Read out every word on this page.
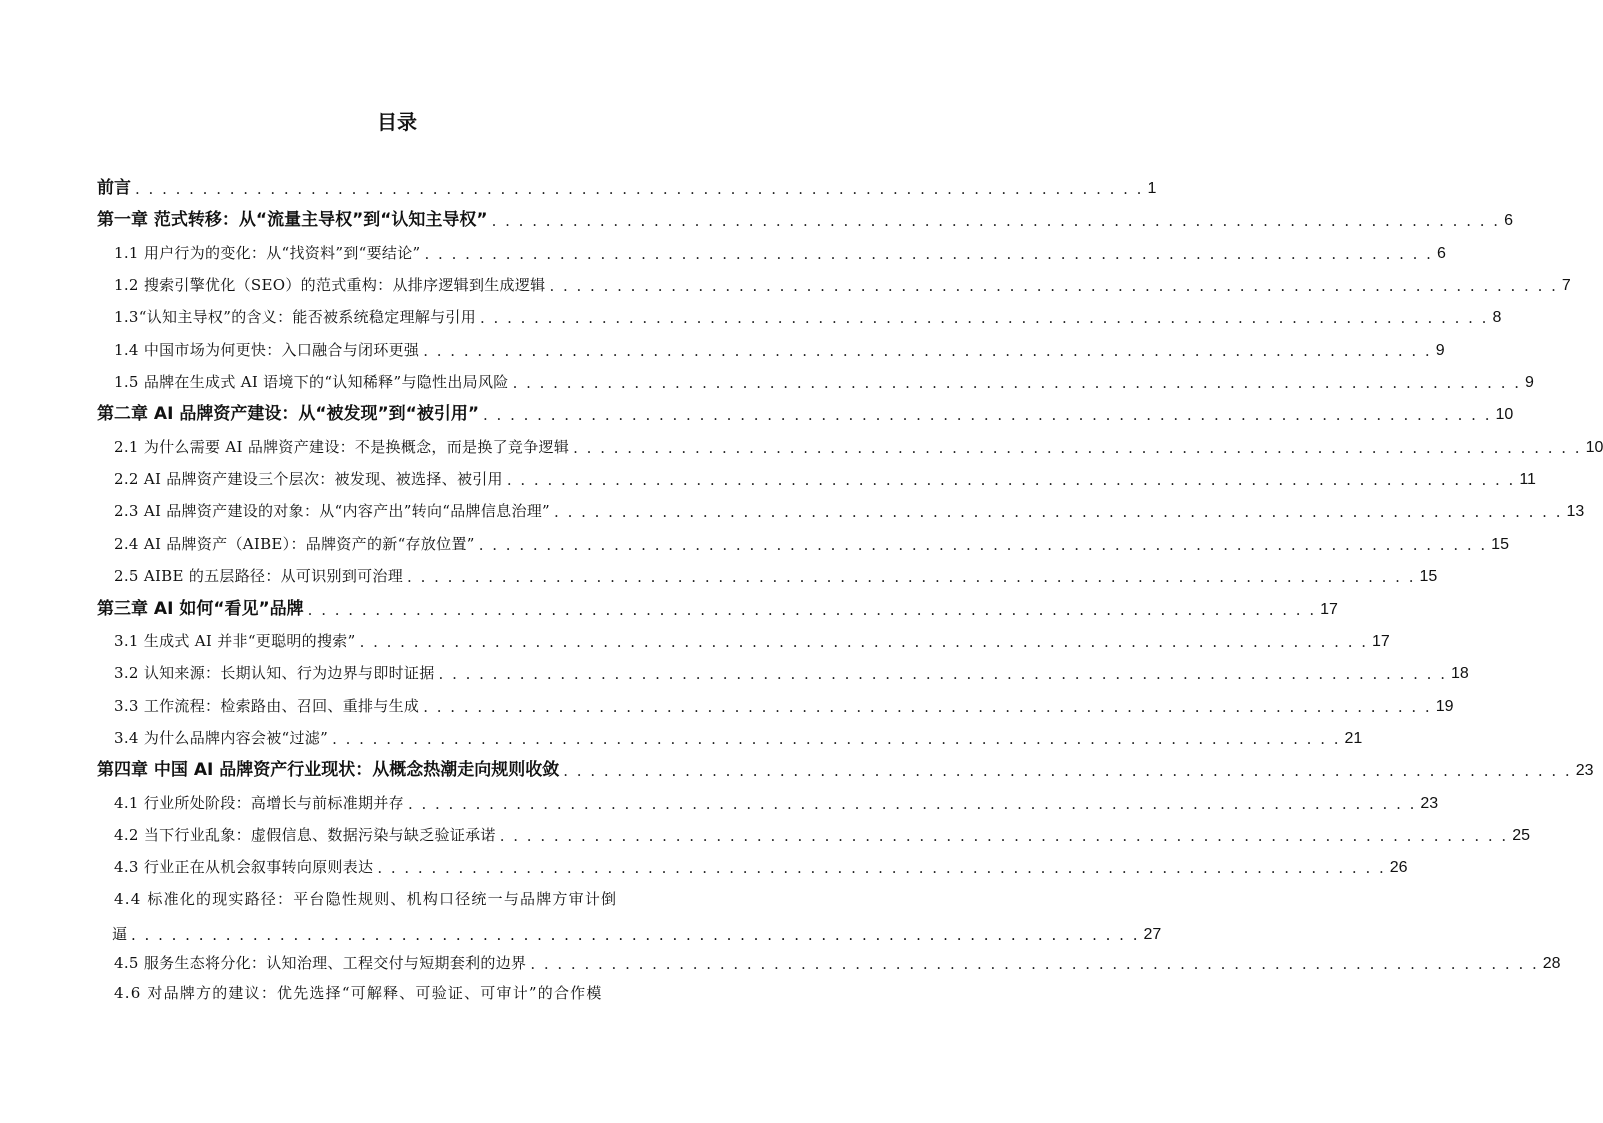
目录
前言 . . . . . . . . . . . . . . . . . . . . . . . . . . . . . . . . . . . . . . . . . . . . . . . . . . . . . . . . . . . . . . . . . . . . . . . . . . . 1
第一章 范式转移：从“流量主导权”到“认知主导权” . . . . . . . . . . . . . . . . . . . . . . . . . . . . . . . . . . . . . . . . . . . . . . . . . . . . . . . . . . . . . . . . . . . . . . . . . . . 6
1.1 用户行为的变化：从“找资料”到“要结论” . . . . . . . . . . . . . . . . . . . . . . . . . . . . . . . . . . . . . . . . . . . . . . . . . . . . . . . . . . . . . . . . . . . . . . . . . . . 6
1.2 搜索引擎优化（SEO）的范式重构：从排序逻辑到生成逻辑 . . . . . . . . . . . . . . . . . . . . . . . . . . . . . . . . . . . . . . . . . . . . . . . . . . . . . . . . . . . . . . . . . . . . . . . . . . . 7
1.3“认知主导权”的含义：能否被系统稳定理解与引用 . . . . . . . . . . . . . . . . . . . . . . . . . . . . . . . . . . . . . . . . . . . . . . . . . . . . . . . . . . . . . . . . . . . . . . . . . . . 8
1.4 中国市场为何更快：入口融合与闭环更强 . . . . . . . . . . . . . . . . . . . . . . . . . . . . . . . . . . . . . . . . . . . . . . . . . . . . . . . . . . . . . . . . . . . . . . . . . . . 9
1.5 品牌在生成式 AI 语境下的“认知稀释”与隐性出局风险 . . . . . . . . . . . . . . . . . . . . . . . . . . . . . . . . . . . . . . . . . . . . . . . . . . . . . . . . . . . . . . . . . . . . . . . . . . . 9
第二章 AI 品牌资产建设：从“被发现”到“被引用” . . . . . . . . . . . . . . . . . . . . . . . . . . . . . . . . . . . . . . . . . . . . . . . . . . . . . . . . . . . . . . . . . . . . . . . . . . . 10
2.1 为什么需要 AI 品牌资产建设：不是换概念，而是换了竞争逻辑 . . . . . . . . . . . . . . . . . . . . . . . . . . . . . . . . . . . . . . . . . . . . . . . . . . . . . . . . . . . . . . . . . . . . . . . . . . . 10
2.2 AI 品牌资产建设三个层次：被发现、被选择、被引用 . . . . . . . . . . . . . . . . . . . . . . . . . . . . . . . . . . . . . . . . . . . . . . . . . . . . . . . . . . . . . . . . . . . . . . . . . . . 11
2.3 AI 品牌资产建设的对象：从“内容产出”转向“品牌信息治理” . . . . . . . . . . . . . . . . . . . . . . . . . . . . . . . . . . . . . . . . . . . . . . . . . . . . . . . . . . . . . . . . . . . . . . . . . . . 13
2.4 AI 品牌资产（AIBE）：品牌资产的新“存放位置” . . . . . . . . . . . . . . . . . . . . . . . . . . . . . . . . . . . . . . . . . . . . . . . . . . . . . . . . . . . . . . . . . . . . . . . . . . . 15
2.5 AIBE 的五层路径：从可识别到可治理 . . . . . . . . . . . . . . . . . . . . . . . . . . . . . . . . . . . . . . . . . . . . . . . . . . . . . . . . . . . . . . . . . . . . . . . . . . . 15
第三章 AI 如何“看见”品牌 . . . . . . . . . . . . . . . . . . . . . . . . . . . . . . . . . . . . . . . . . . . . . . . . . . . . . . . . . . . . . . . . . . . . . . . . . . . 17
3.1 生成式 AI 并非“更聪明的搜索” . . . . . . . . . . . . . . . . . . . . . . . . . . . . . . . . . . . . . . . . . . . . . . . . . . . . . . . . . . . . . . . . . . . . . . . . . . . 17
3.2 认知来源：长期认知、行为边界与即时证据 . . . . . . . . . . . . . . . . . . . . . . . . . . . . . . . . . . . . . . . . . . . . . . . . . . . . . . . . . . . . . . . . . . . . . . . . . . . 18
3.3 工作流程：检索路由、召回、重排与生成 . . . . . . . . . . . . . . . . . . . . . . . . . . . . . . . . . . . . . . . . . . . . . . . . . . . . . . . . . . . . . . . . . . . . . . . . . . . 19
3.4 为什么品牌内容会被“过滤” . . . . . . . . . . . . . . . . . . . . . . . . . . . . . . . . . . . . . . . . . . . . . . . . . . . . . . . . . . . . . . . . . . . . . . . . . . . 21
第四章 中国 AI 品牌资产行业现状：从概念热潮走向规则收敛 . . . . . . . . . . . . . . . . . . . . . . . . . . . . . . . . . . . . . . . . . . . . . . . . . . . . . . . . . . . . . . . . . . . . . . . . . . . 23
4.1 行业所处阶段：高增长与前标准期并存 . . . . . . . . . . . . . . . . . . . . . . . . . . . . . . . . . . . . . . . . . . . . . . . . . . . . . . . . . . . . . . . . . . . . . . . . . . . 23
4.2 当下行业乱象：虚假信息、数据污染与缺乏验证承诺 . . . . . . . . . . . . . . . . . . . . . . . . . . . . . . . . . . . . . . . . . . . . . . . . . . . . . . . . . . . . . . . . . . . . . . . . . . . 25
4.3 行业正在从机会叙事转向原则表达 . . . . . . . . . . . . . . . . . . . . . . . . . . . . . . . . . . . . . . . . . . . . . . . . . . . . . . . . . . . . . . . . . . . . . . . . . . . 26
4.4 标准化的现实路径：平台隐性规则、机构口径统一与品牌方审计倒
逼 . . . . . . . . . . . . . . . . . . . . . . . . . . . . . . . . . . . . . . . . . . . . . . . . . . . . . . . . . . . . . . . . . . . . . . . . . . . 27
4.5 服务生态将分化：认知治理、工程交付与短期套利的边界 . . . . . . . . . . . . . . . . . . . . . . . . . . . . . . . . . . . . . . . . . . . . . . . . . . . . . . . . . . . . . . . . . . . . . . . . . . . 28
4.6 对品牌方的建议：优先选择“可解释、可验证、可审计”的合作模
